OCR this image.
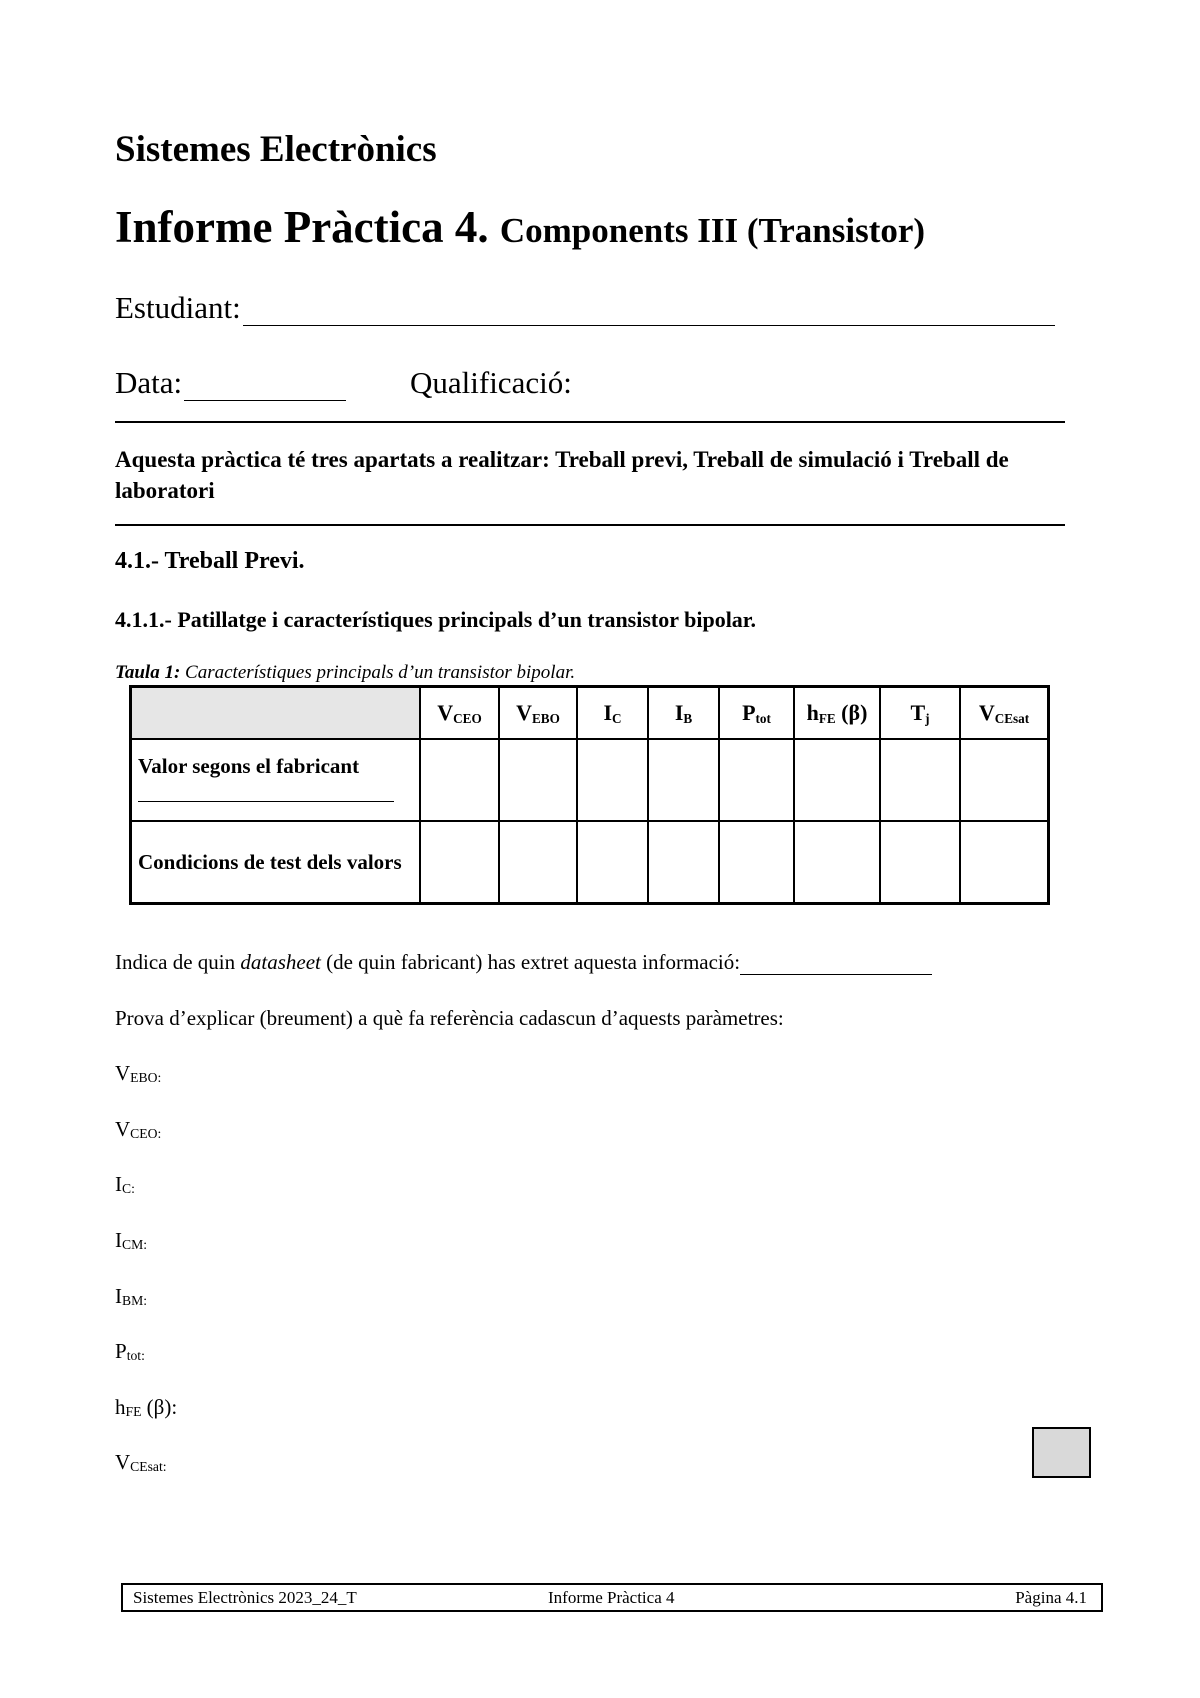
Sistemes Electrònics
Informe Pràctica 4. Components III (Transistor)
Estudiant:
Data:	Qualificació:
Aquesta pràctica té tres apartats a realitzar: Treball previ, Treball de simulació i Treball de laboratori
4.1.- Treball Previ.
4.1.1.- Patillatge i característiques principals d’un transistor bipolar.
Taula 1: Característiques principals d’un transistor bipolar.
	$V_{CEO}$	$V_{EBO}$	$I_C$	$I_B$	$P_{tot}$	$h_{FE}$ (β)	$T_j$	$V_{CEsat}$

Valor segons el fabricant								

Condicions de test dels valors								
Indica de quin datasheet (de quin fabricant) has extret aquesta informació:
Prova d’explicar (breument) a què fa referència cadascun d’aquests paràmetres:
$V_{EBO:}$
$V_{CEO:}$
$I_{C:}$
$I_{CM:}$
$I_{BM:}$
$P_{tot:}$
$h_{FE}$ (β):
$V_{CEsat:}$
Sistemes Electrònics 2023_24_T	Informe Pràctica 4	Pàgina 4.1
